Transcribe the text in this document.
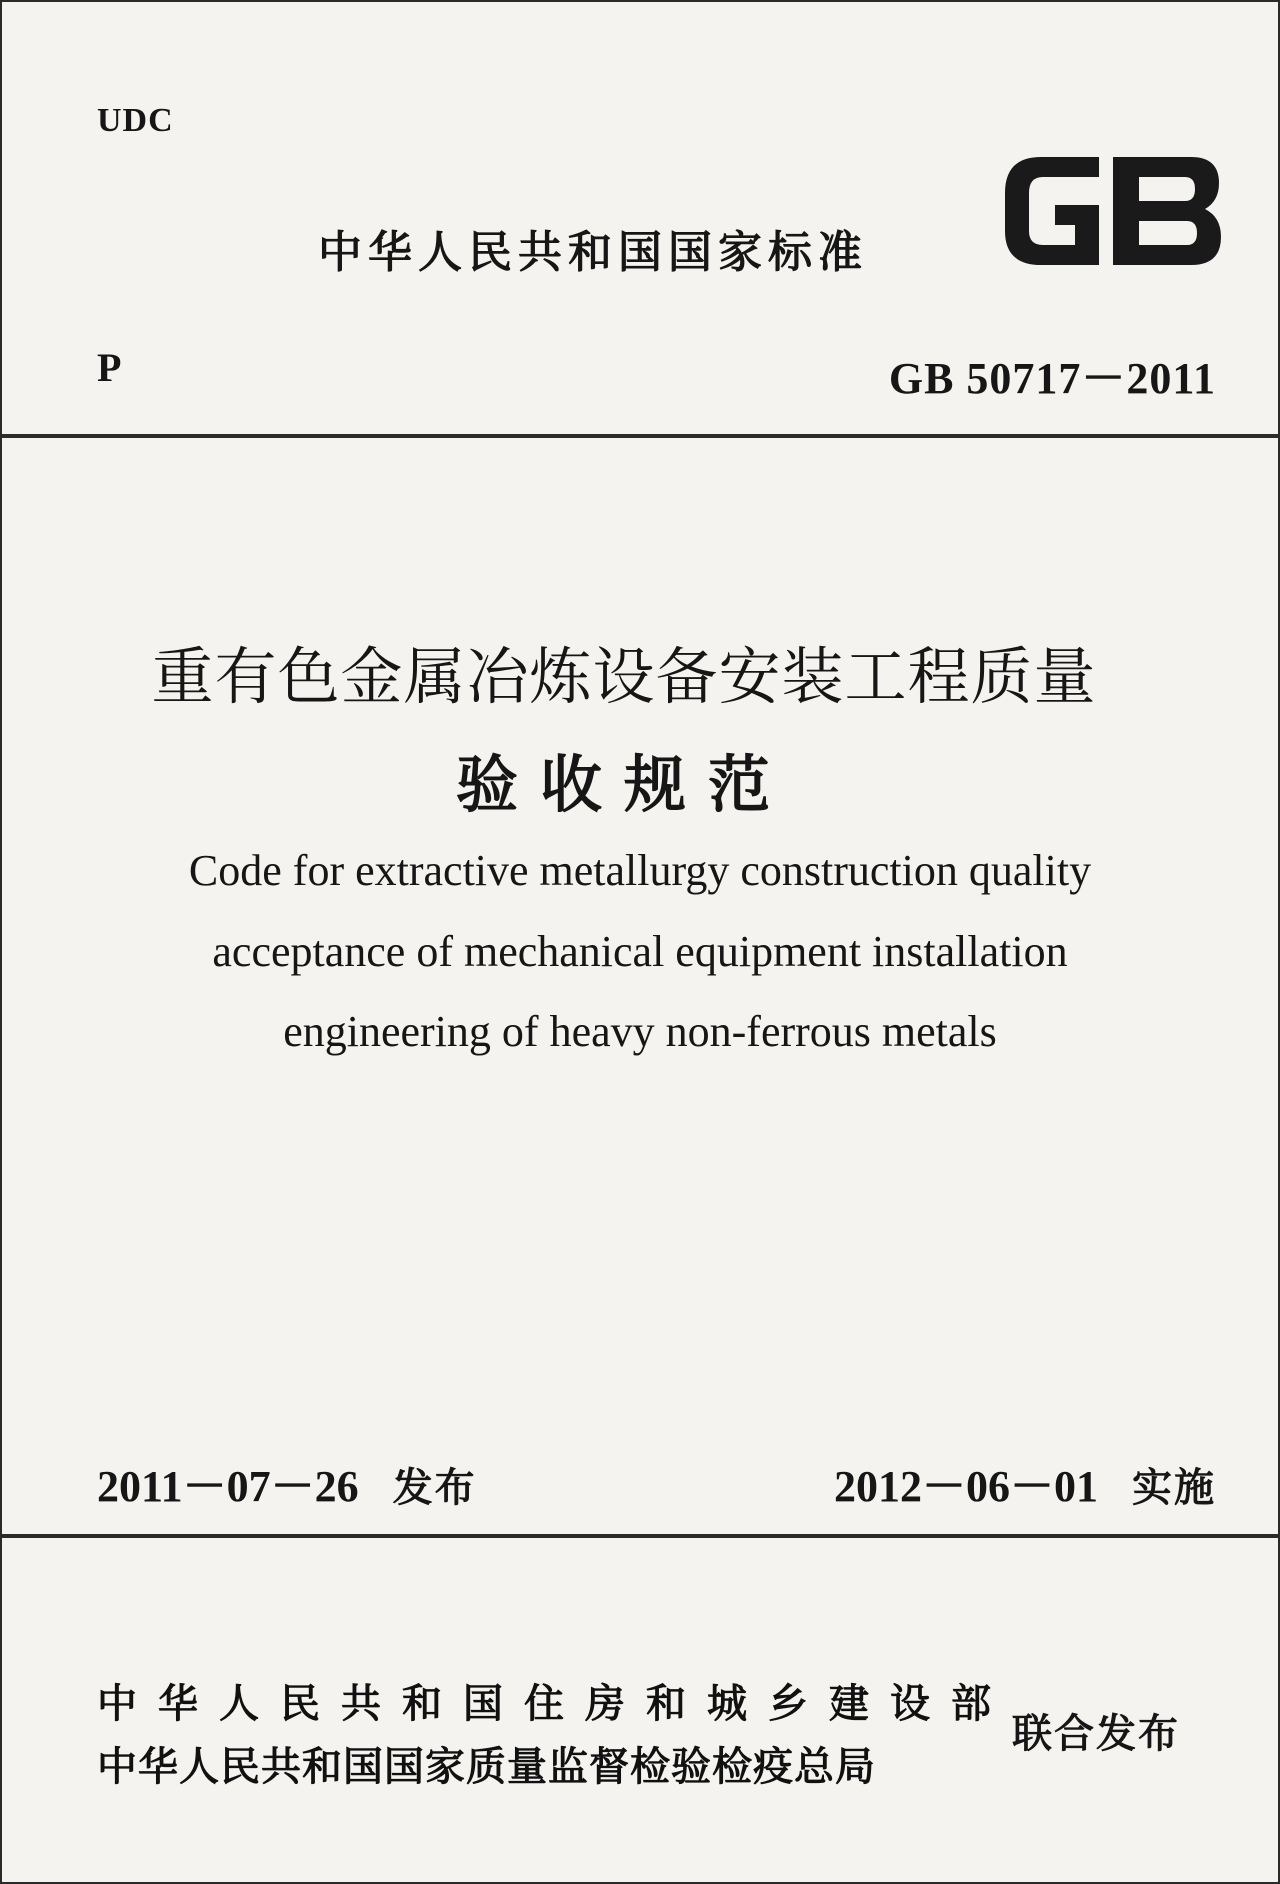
UDC
中华人民共和国国家标准
GB
P	GB 50717－2011
重有色金属冶炼设备安装工程质量
验收规范
Code for extractive metallurgy construction quality
acceptance of mechanical equipment installation
engineering of heavy non-ferrous metals
2011－07－26 发布	2012－06－01 实施
中华人民共和国住房和城乡建设部
中华人民共和国国家质量监督检验检疫总局
联合发布
